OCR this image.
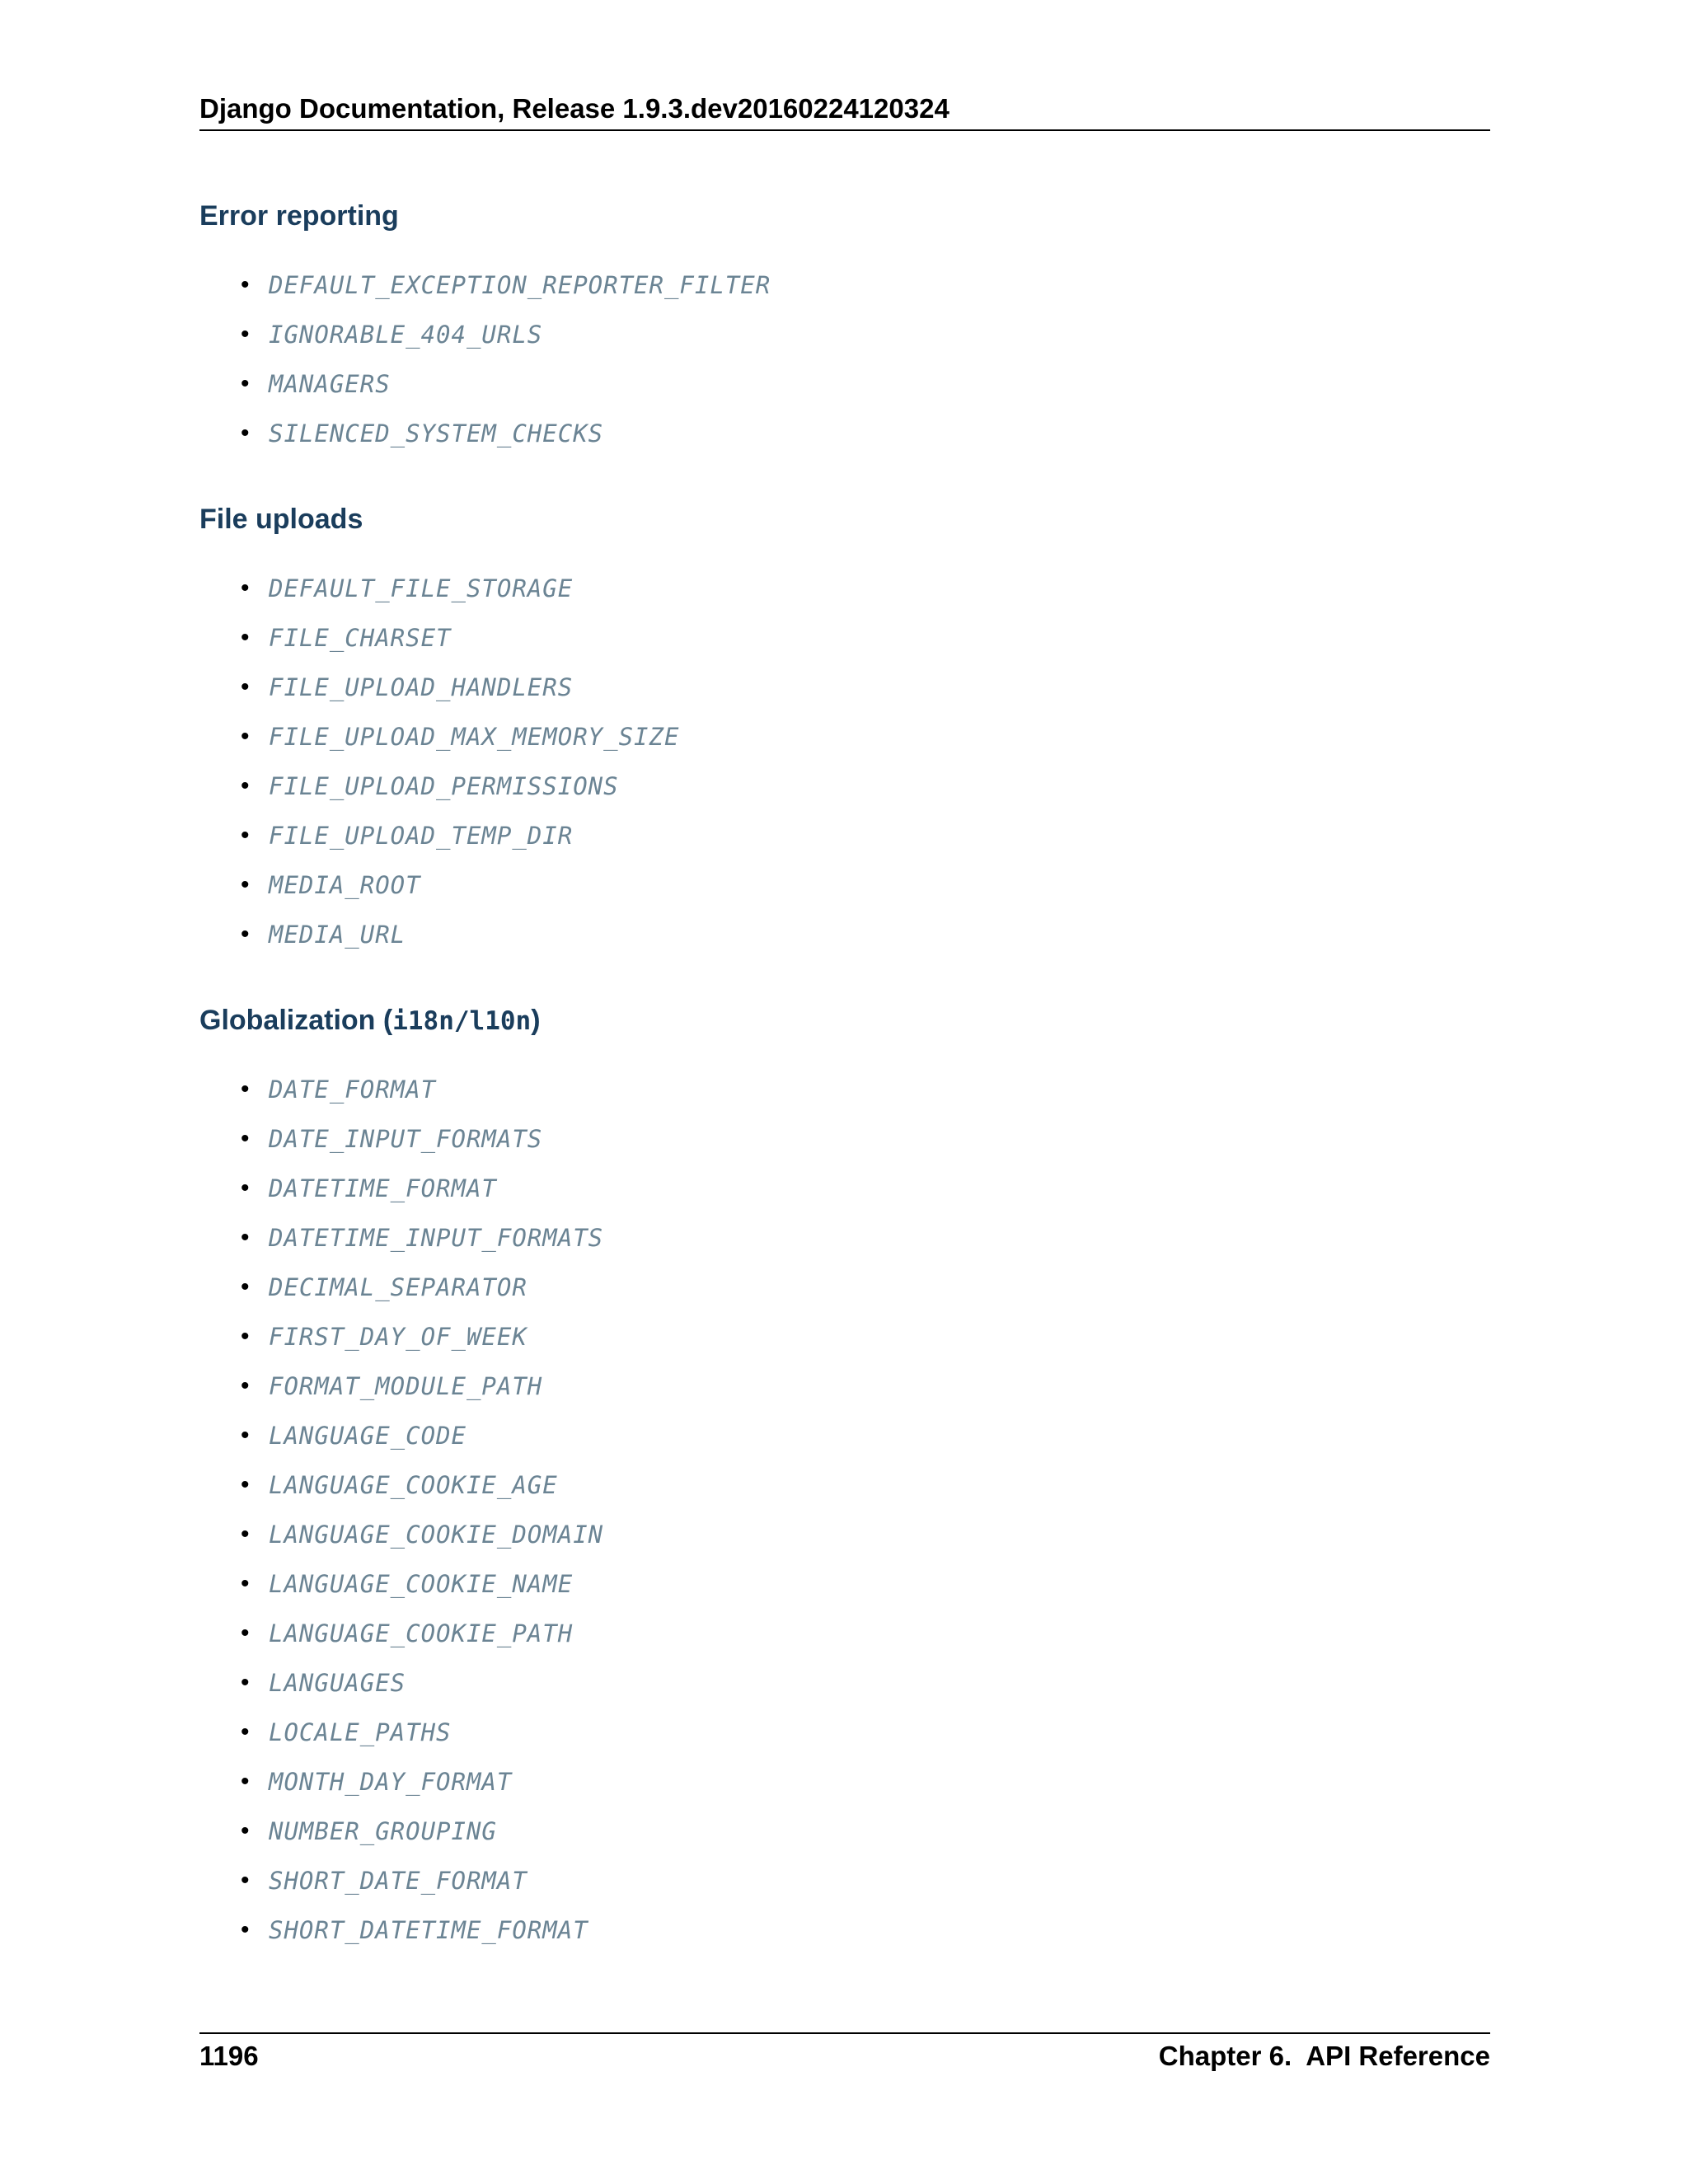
Django Documentation, Release 1.9.3.dev20160224120324
Error reporting
• DEFAULT_EXCEPTION_REPORTER_FILTER
• IGNORABLE_404_URLS
• MANAGERS
• SILENCED_SYSTEM_CHECKS
File uploads
• DEFAULT_FILE_STORAGE
• FILE_CHARSET
• FILE_UPLOAD_HANDLERS
• FILE_UPLOAD_MAX_MEMORY_SIZE
• FILE_UPLOAD_PERMISSIONS
• FILE_UPLOAD_TEMP_DIR
• MEDIA_ROOT
• MEDIA_URL
Globalization (i18n/l10n)
• DATE_FORMAT
• DATE_INPUT_FORMATS
• DATETIME_FORMAT
• DATETIME_INPUT_FORMATS
• DECIMAL_SEPARATOR
• FIRST_DAY_OF_WEEK
• FORMAT_MODULE_PATH
• LANGUAGE_CODE
• LANGUAGE_COOKIE_AGE
• LANGUAGE_COOKIE_DOMAIN
• LANGUAGE_COOKIE_NAME
• LANGUAGE_COOKIE_PATH
• LANGUAGES
• LOCALE_PATHS
• MONTH_DAY_FORMAT
• NUMBER_GROUPING
• SHORT_DATE_FORMAT
• SHORT_DATETIME_FORMAT
1196	Chapter 6.  API Reference
